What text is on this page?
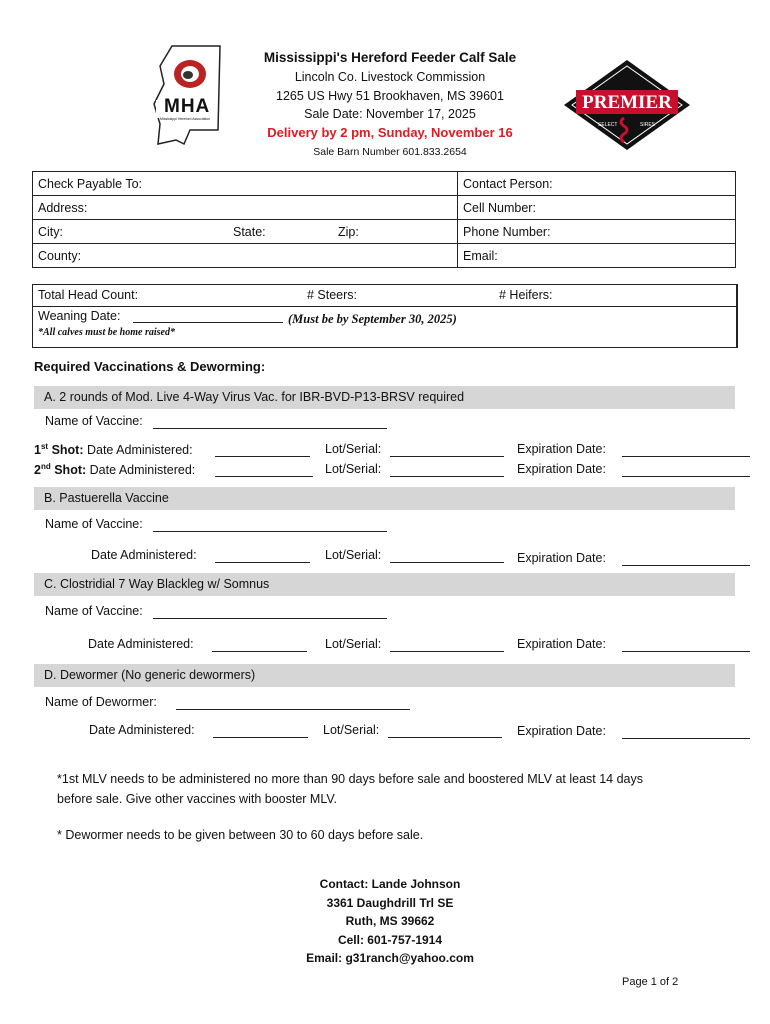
MHA
Mississippi Hereford Association
Mississippi's Hereford Feeder Calf Sale
Lincoln Co. Livestock Commission
1265 US Hwy 51 Brookhaven, MS 39601
Sale Date: November 17, 2025
Delivery by 2 pm, Sunday, November 16
Sale Barn Number 601.833.2654
PREMIER
SELECT	SIRES
Check Payable To:	Contact Person:
Address:	Cell Number:
City: State: Zip:	Phone Number:
County:	Email:
Total Head Count:	# Steers:	# Heifers:
Weaning Date:	(Must be by September 30, 2025)
*All calves must be home raised*
Required Vaccinations & Deworming:
A. 2 rounds of Mod. Live 4-Way Virus Vac. for IBR-BVD-P13-BRSV required
Name of Vaccine:
1st Shot: Date Administered:	Lot/Serial:	Expiration Date:
2nd Shot: Date Administered:	Lot/Serial:	Expiration Date:
B. Pastuerella Vaccine
Name of Vaccine:
Date Administered:	Lot/Serial:	Expiration Date:
C. Clostridial 7 Way Blackleg w/ Somnus
Name of Vaccine:
Date Administered:	Lot/Serial:	Expiration Date:
D. Dewormer (No generic dewormers)
Name of Dewormer:
Date Administered:	Lot/Serial:	Expiration Date:
*1st MLV needs to be administered no more than 90 days before sale and boostered MLV at least 14 days
before sale. Give other vaccines with booster MLV.
* Dewormer needs to be given between 30 to 60 days before sale.
Contact: Lande Johnson
3361 Daughdrill Trl SE
Ruth, MS 39662
Cell: 601-757-1914
Email: g31ranch@yahoo.com
Page 1 of 2
